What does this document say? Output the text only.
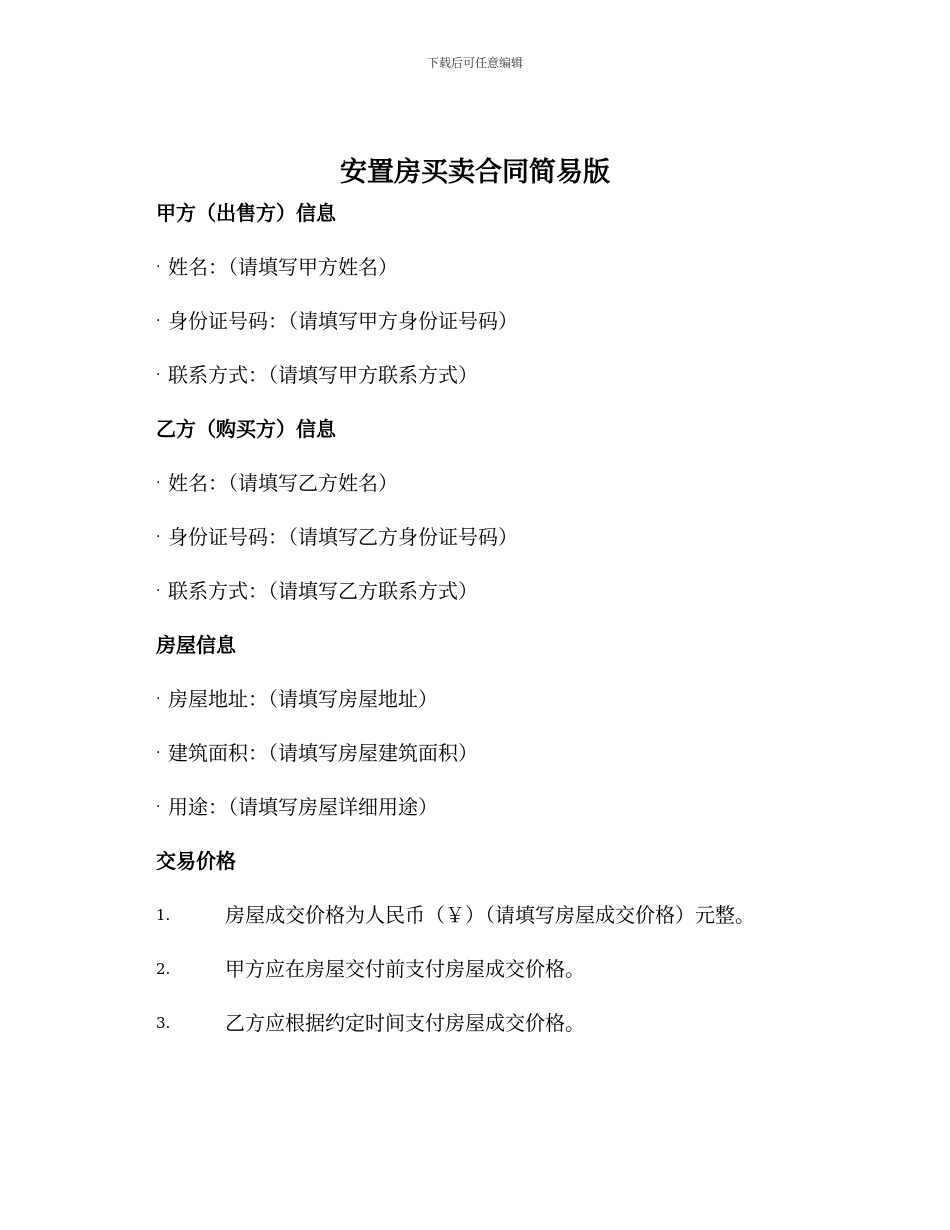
下载后可任意编辑
安置房买卖合同简易版
甲方（出售方）信息
· 姓名：（请填写甲方姓名）
· 身份证号码：（请填写甲方身份证号码）
· 联系方式：（请填写甲方联系方式）
乙方（购买方）信息
· 姓名：（请填写乙方姓名）
· 身份证号码：（请填写乙方身份证号码）
· 联系方式：（请填写乙方联系方式）
房屋信息
· 房屋地址：（请填写房屋地址）
· 建筑面积：（请填写房屋建筑面积）
· 用途：（请填写房屋详细用途）
交易价格
1.	房屋成交价格为人民币（￥）（请填写房屋成交价格）元整。
2.	甲方应在房屋交付前支付房屋成交价格。
3.	乙方应根据约定时间支付房屋成交价格。
